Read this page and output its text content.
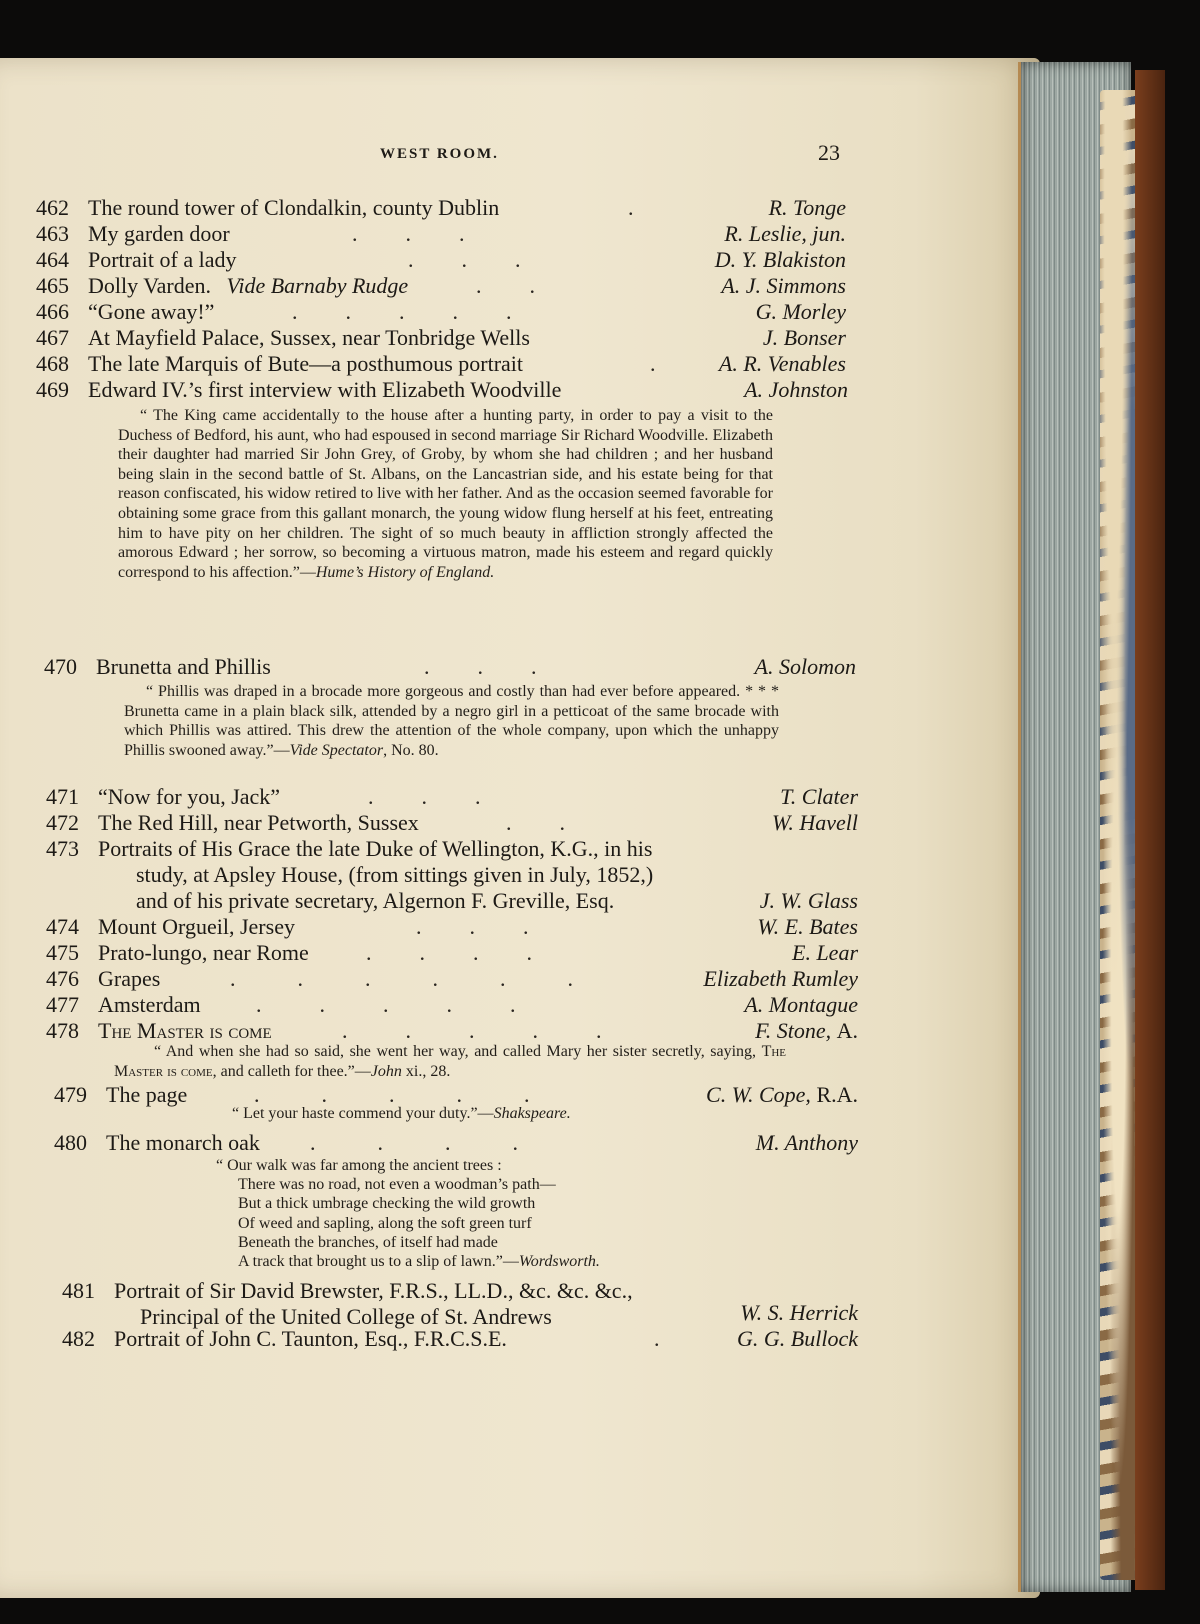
WEST ROOM.	23
462 The round tower of Clondalkin, county Dublin	.	R. Tonge
463 My garden door	...	R. Leslie, jun.
464 Portrait of a lady	...	D. Y. Blakiston
465 Dolly Varden. Vide Barnaby Rudge	..	A. J. Simmons
466 “Gone away!”	.....	G. Morley
467 At Mayfield Palace, Sussex, near Tonbridge Wells	J. Bonser
468 The late Marquis of Bute—a posthumous portrait	. A. R. Venables
469 Edward IV.’s first interview with Elizabeth Woodville	A. Johnston
“ The King came accidentally to the house after a hunting party, in order to pay a visit to the Duchess of Bedford, his aunt, who had espoused in second marriage Sir Richard Woodville. Elizabeth their daughter had married Sir John Grey, of Groby, by whom she had children ; and her husband being slain in the second battle of St. Albans, on the Lancastrian side, and his estate being for that reason confiscated, his widow retired to live with her father. And as the occasion seemed favorable for obtaining some grace from this gallant monarch, the young widow flung herself at his feet, entreating him to have pity on her children. The sight of so much beauty in affliction strongly affected the amorous Edward ; her sorrow, so becoming a virtuous matron, made his esteem and regard quickly correspond to his affection.”—Hume’s History of England.
470 Brunetta and Phillis	...	A. Solomon
“ Phillis was draped in a brocade more gorgeous and costly than had ever before appeared. * * * Brunetta came in a plain black silk, attended by a negro girl in a petticoat of the same brocade with which Phillis was attired. This drew the attention of the whole company, upon which the unhappy Phillis swooned away.”—Vide Spectator, No. 80.
471 “Now for you, Jack”	...	T. Clater
472 The Red Hill, near Petworth, Sussex	..	W. Havell
473 Portraits of His Grace the late Duke of Wellington, K.G., in his
study, at Apsley House, (from sittings given in July, 1852,)
and of his private secretary, Algernon F. Greville, Esq.	J. W. Glass
474 Mount Orgueil, Jersey	...	W. E. Bates
475 Prato-lungo, near Rome	....	E. Lear
476 Grapes	......	Elizabeth Rumley
477 Amsterdam	.....	A. Montague
478 The Master is come	.....	F. Stone, A.
“ And when she had so said, she went her way, and called Mary her sister secretly, saying, The Master is come, and calleth for thee.”—John xi., 28.
479 The page	.....	C. W. Cope, R.A.
“ Let your haste commend your duty.”—Shakspeare.
480 The monarch oak ....	M. Anthony
“ Our walk was far among the ancient trees :
There was no road, not even a woodman’s path—
But a thick umbrage checking the wild growth
Of weed and sapling, along the soft green turf
Beneath the branches, of itself had made
A track that brought us to a slip of lawn.”—Wordsworth.
481 Portrait of Sir David Brewster, F.R.S., LL.D., &c. &c. &c.,
Principal of the United College of St. Andrews	W. S. Herrick
482 Portrait of John C. Taunton, Esq., F.R.C.S.E.	. G. G. Bullock
